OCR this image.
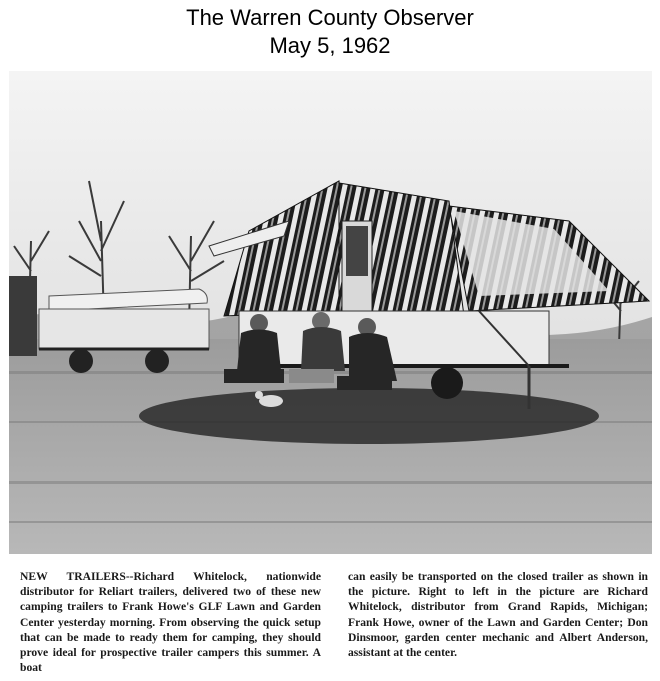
The Warren County Observer
May 5, 1962

NEW TRAILERS--Richard Whitelock, nationwide distributor for Reliart trailers, delivered two of these new camping trailers to Frank Howe's GLF Lawn and Garden Center yesterday morning. From observing the quick setup that can be made to ready them for camping, they should prove ideal for prospective trailer campers this summer. A boat

can easily be transported on the closed trailer as shown in the picture. Right to left in the picture are Richard Whitelock, distributor from Grand Rapids, Michigan; Frank Howe, owner of the Lawn and Garden Center; Don Dinsmoor, garden center mechanic and Albert Anderson, assistant at the center.
